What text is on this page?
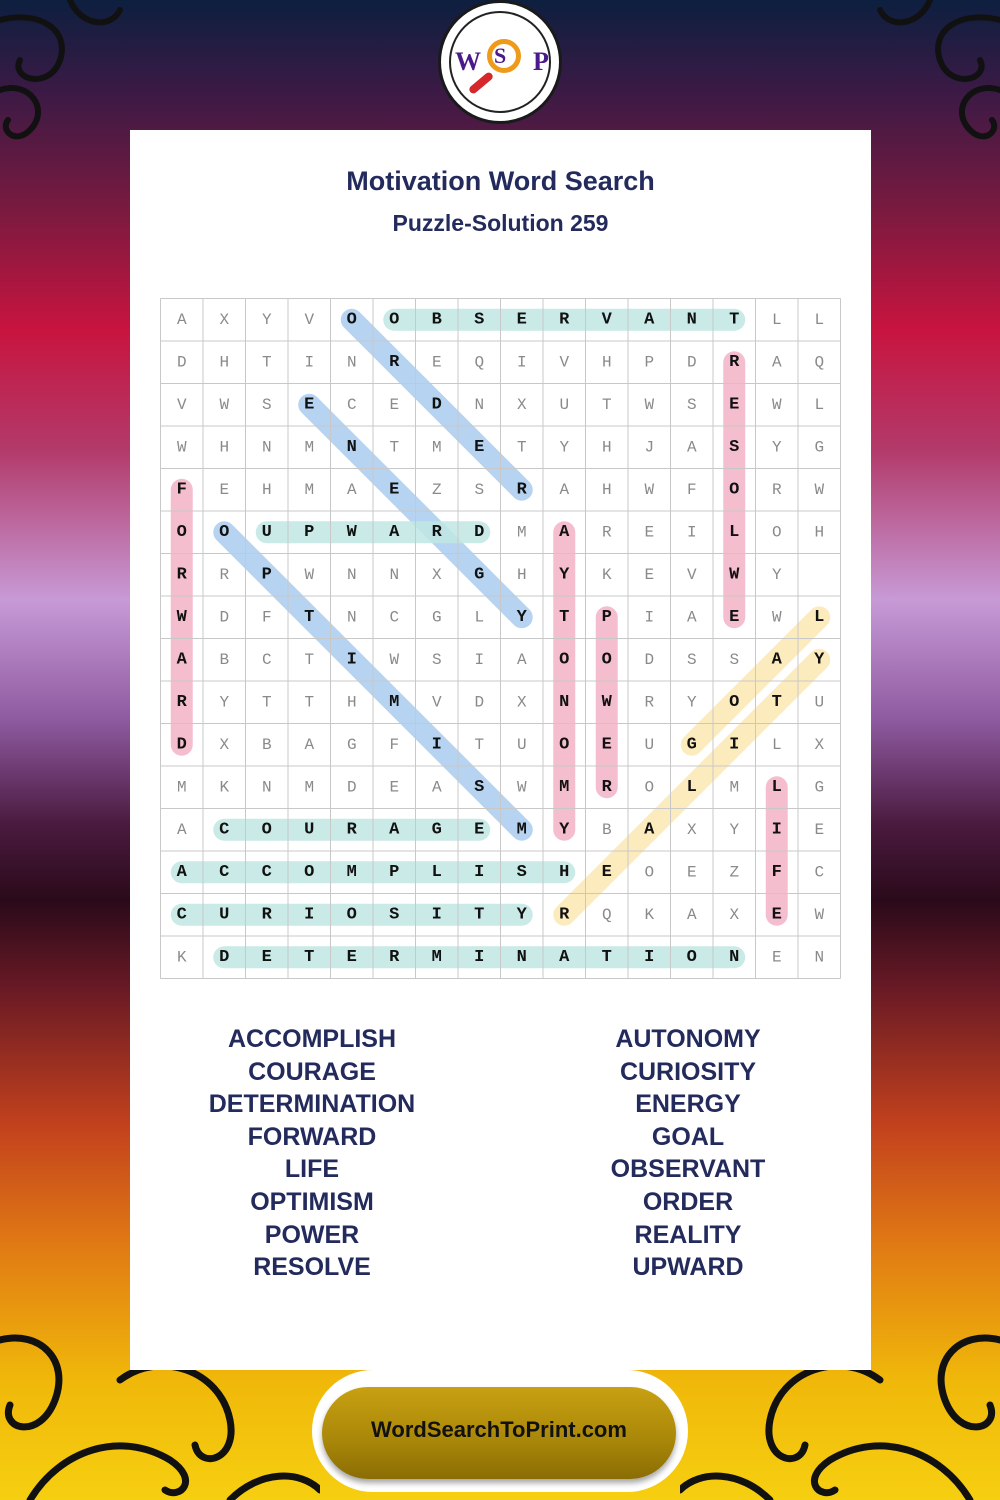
W S P
Motivation Word Search
Puzzle-Solution 259
A X Y V O O B S E R V A N T L L
D H T I N R E Q I V H P D R A Q
V W S E C E D N X U T W S E W L
W H N M N T M E T Y H J A S Y G
F E H M A E Z S R A H W F O R W
O O U P W A R D M A R E I L O H
R R P W N N X G H Y K E V W Y
W D F T N C G L Y T P I A E W L
A B C T I W S I A O O D S S A Y
R Y T T H M V D X N W R Y O T U
D X B A G F I T U O E U G I L X
M K N M D E A S W M R O L M L G
A C O U R A G E M Y B A X Y I E
A C C O M P L I S H E O E Z F C
C U R I O S I T Y R Q K A X E W
K D E T E R M I N A T I O N E N
ACCOMPLISH
COURAGE
DETERMINATION
FORWARD
LIFE
OPTIMISM
POWER
RESOLVE
AUTONOMY
CURIOSITY
ENERGY
GOAL
OBSERVANT
ORDER
REALITY
UPWARD
WordSearchToPrint.com
